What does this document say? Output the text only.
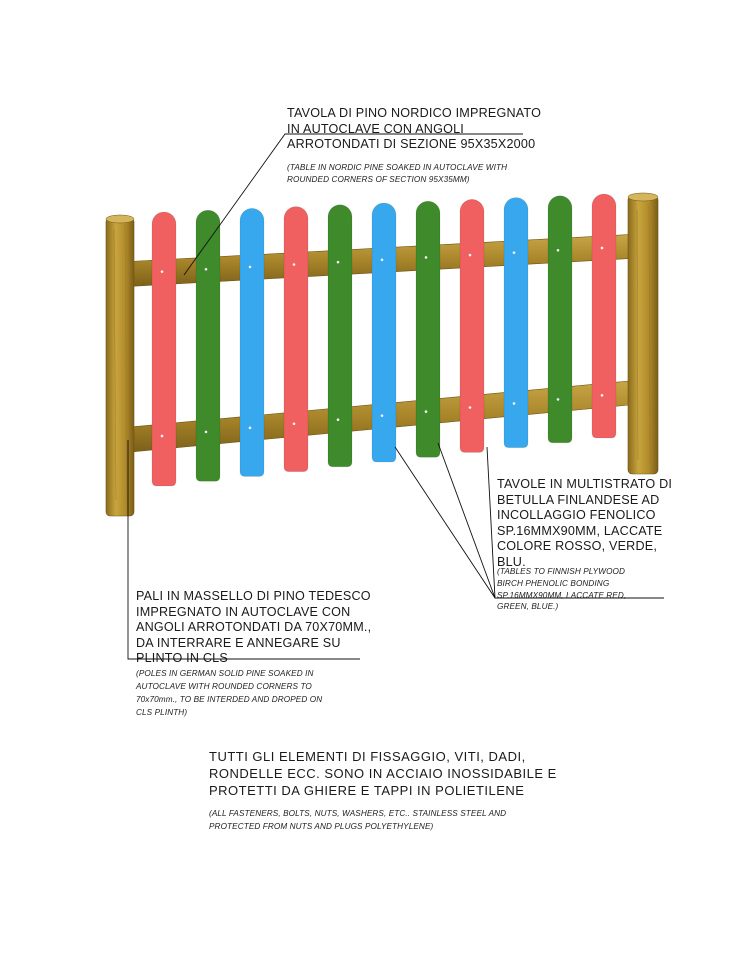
TAVOLA DI PINO NORDICO IMPREGNATO
IN AUTOCLAVE CON ANGOLI
ARROTONDATI DI SEZIONE 95X35X2000

(TABLE IN NORDIC PINE SOAKED IN AUTOCLAVE WITH
ROUNDED CORNERS OF SECTION 95X35MM)

TAVOLE IN MULTISTRATO DI
BETULLA FINLANDESE AD
INCOLLAGGIO FENOLICO
SP.16MMX90MM, LACCATE
COLORE ROSSO, VERDE,
BLU.

(TABLES TO FINNISH PLYWOOD
BIRCH PHENOLIC BONDING
SP.16MMX90MM, LACCATE RED,
GREEN, BLUE.)

PALI IN MASSELLO DI PINO TEDESCO
IMPREGNATO IN AUTOCLAVE CON
ANGOLI ARROTONDATI DA 70X70MM.,
DA INTERRARE E ANNEGARE SU
PLINTO IN CLS

(POLES IN GERMAN SOLID PINE SOAKED IN
AUTOCLAVE WITH ROUNDED CORNERS TO
70x70mm., TO BE INTERDED AND DROPED ON
CLS PLINTH)

TUTTI GLI ELEMENTI DI FISSAGGIO, VITI, DADI,
RONDELLE ECC. SONO IN ACCIAIO INOSSIDABILE E
PROTETTI DA GHIERE E TAPPI IN POLIETILENE

(ALL FASTENERS, BOLTS, NUTS, WASHERS, ETC.. STAINLESS STEEL AND
PROTECTED FROM NUTS AND PLUGS POLYETHYLENE)
